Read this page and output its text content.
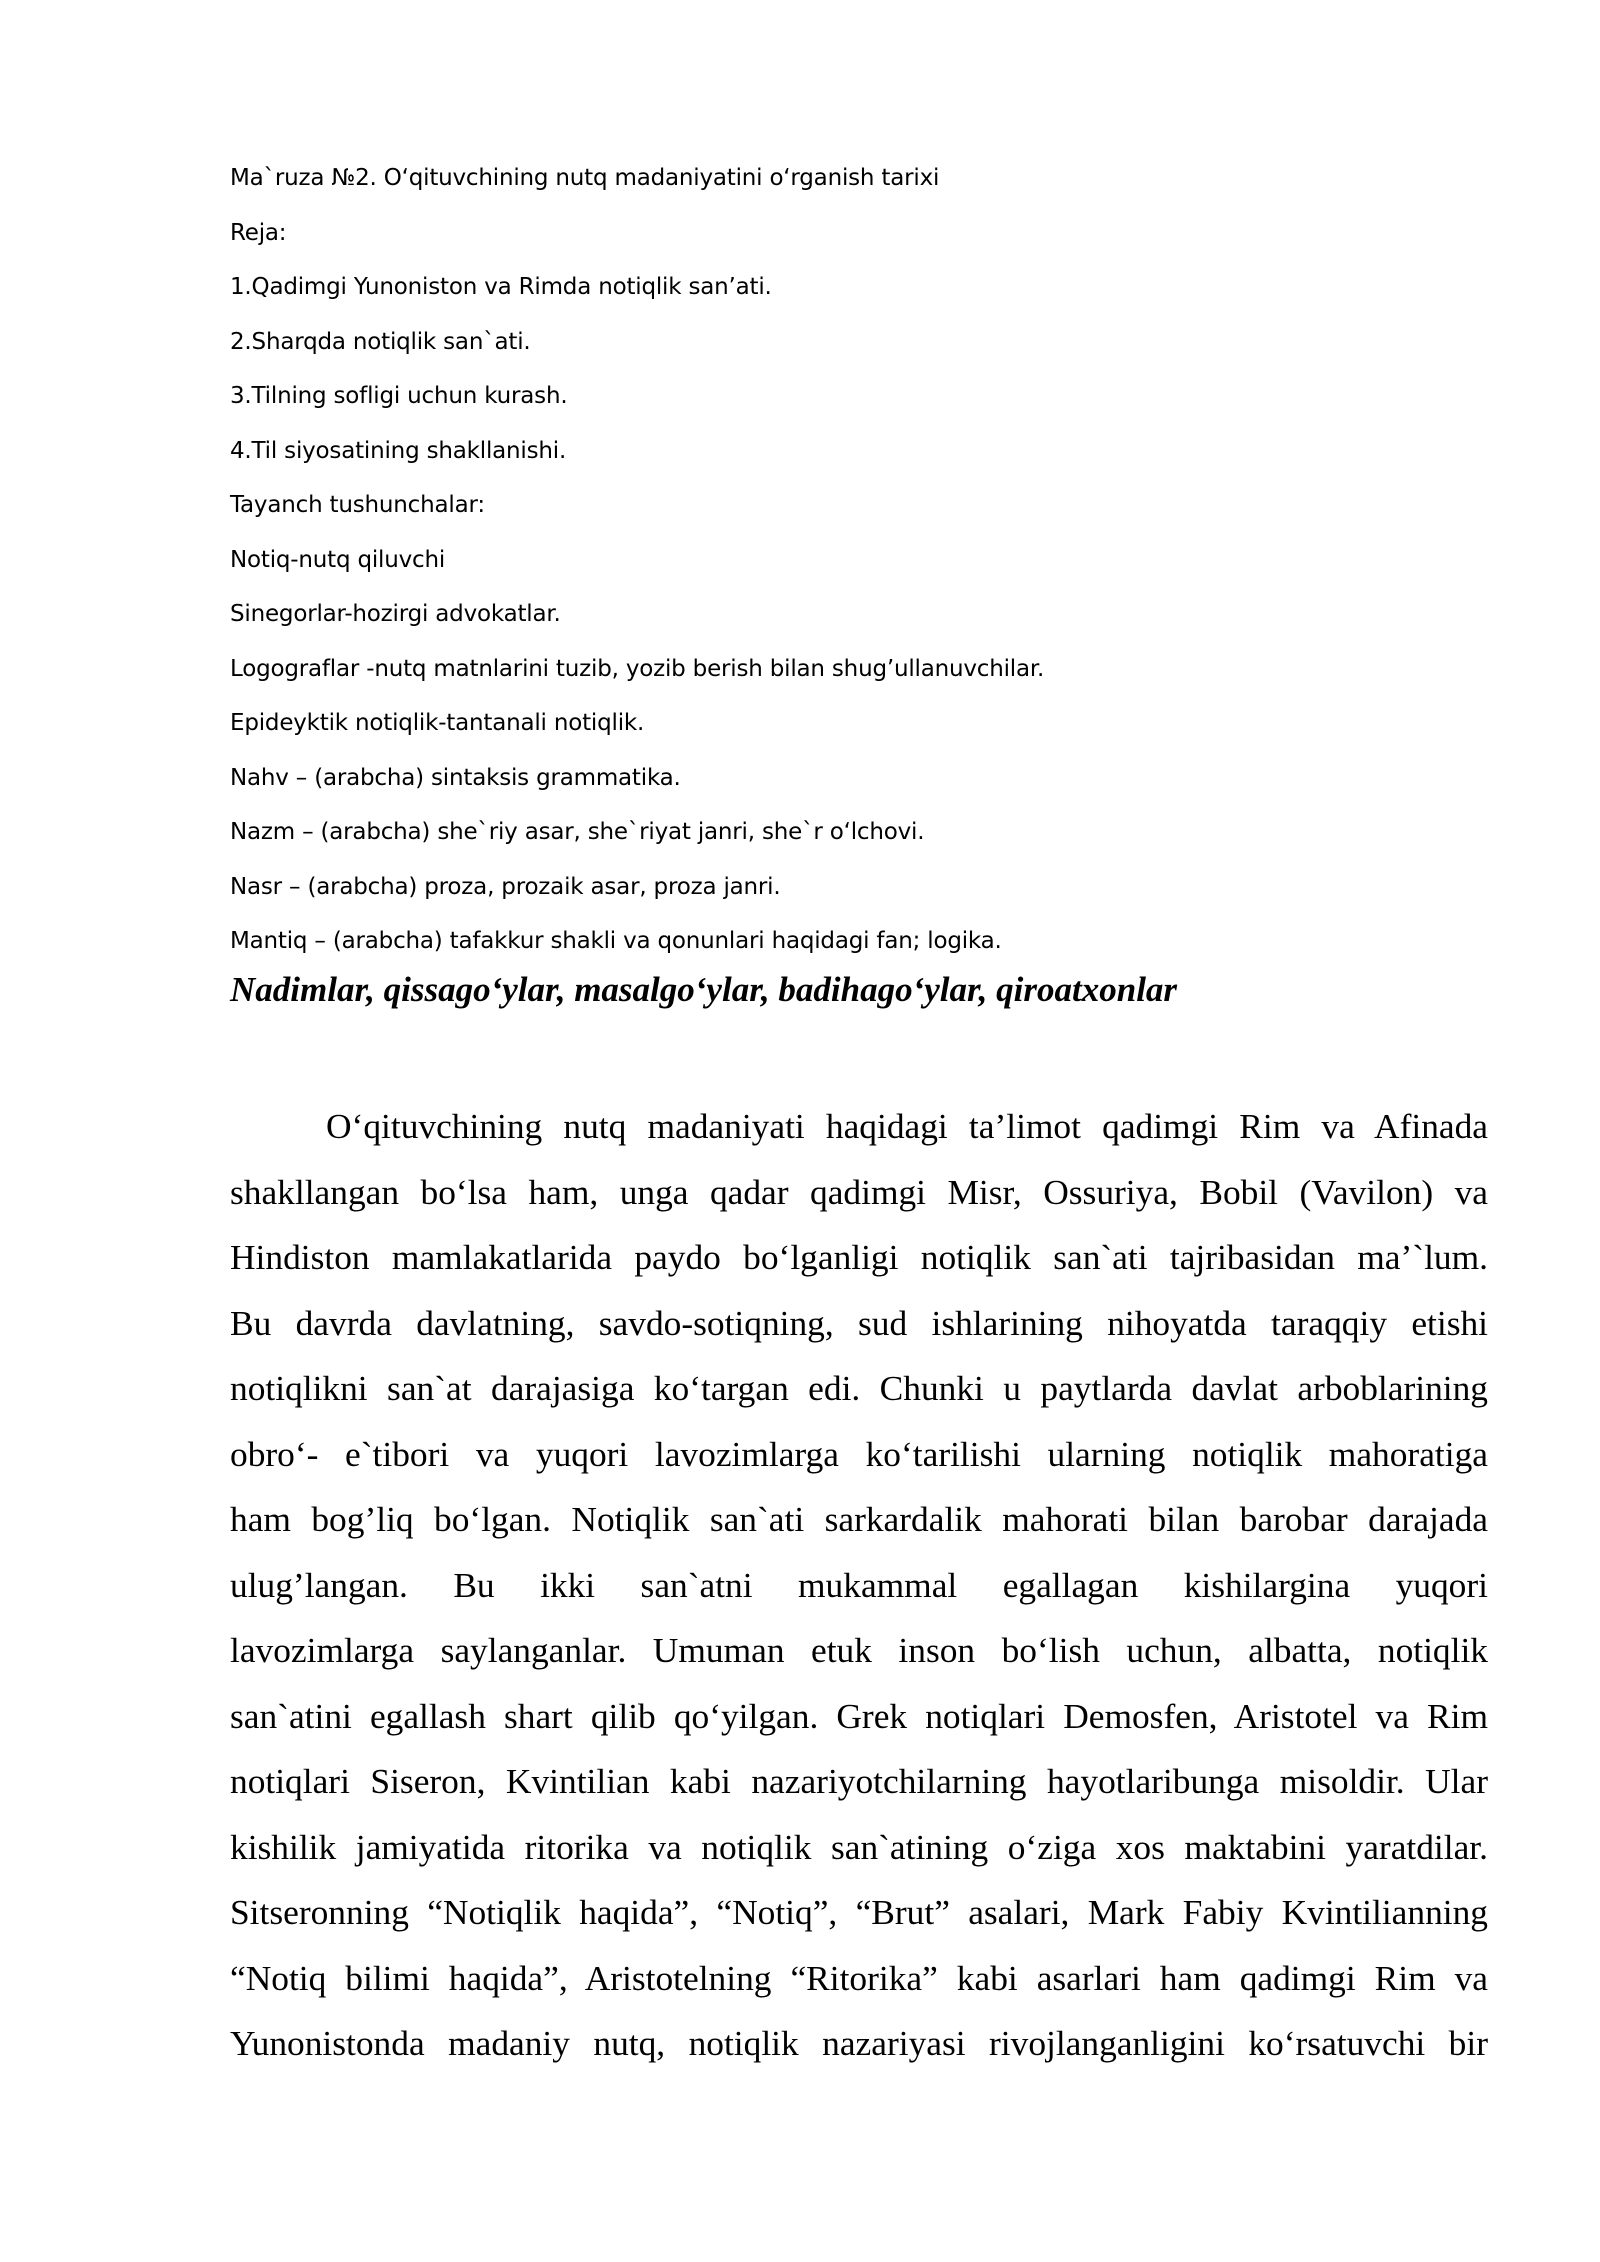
Ma`ruza №2. O‘qituvchining nutq madaniyatini o‘rganish tarixi
Reja:
1.Qadimgi Yunoniston va Rimda notiqlik san’ati.
2.Sharqda notiqlik san`ati.
3.Tilning sofligi uchun kurash.
4.Til siyosatining shakllanishi.
Tayanch tushunchalar:
Notiq-nutq qiluvchi
Sinegorlar-hozirgi advokatlar.
Logograflar -nutq matnlarini tuzib, yozib berish bilan shug’ullanuvchilar.
Epideyktik notiqlik-tantanali notiqlik.
Nahv – (arabcha) sintaksis grammatika.
Nazm – (arabcha) she`riy asar, she`riyat janri, she`r o‘lchovi.
Nasr – (arabcha) proza, prozaik asar, proza janri.
Mantiq – (arabcha) tafakkur shakli va qonunlari haqidagi fan; logika.
Nadimlar, qissago‘ylar, masalgo‘ylar, badihago‘ylar, qiroatxonlar
O‘qituvchining nutq madaniyati haqidagi ta’limot qadimgi Rim va Afinada
shakllangan bo‘lsa ham, unga qadar qadimgi Misr, Ossuriya, Bobil (Vavilon) va
Hindiston mamlakatlarida paydo bo‘lganligi notiqlik san`ati tajribasidan ma’`lum.
Bu davrda davlatning, savdo-sotiqning, sud ishlarining nihoyatda taraqqiy etishi
notiqlikni san`at darajasiga ko‘targan edi. Chunki u paytlarda davlat arboblarining
obro‘- e`tibori va yuqori lavozimlarga ko‘tarilishi ularning notiqlik mahoratiga
ham bog’liq bo‘lgan. Notiqlik san`ati sarkardalik mahorati bilan barobar darajada
ulug’langan. Bu ikki san`atni mukammal egallagan kishilargina yuqori
lavozimlarga saylanganlar. Umuman etuk inson bo‘lish uchun, albatta, notiqlik
san`atini egallash shart qilib qo‘yilgan. Grek notiqlari Demosfen, Aristotel va Rim
notiqlari Siseron, Kvintilian kabi nazariyotchilarning hayotlaribunga misoldir. Ular
kishilik jamiyatida ritorika va notiqlik san`atining o‘ziga xos maktabini yaratdilar.
Sitseronning “Notiqlik haqida”, “Notiq”, “Brut” asalari, Mark Fabiy Kvintilianning
“Notiq bilimi haqida”, Aristotelning “Ritorika” kabi asarlari ham qadimgi Rim va
Yunonistonda madaniy nutq, notiqlik nazariyasi rivojlanganligini ko‘rsatuvchi bir
